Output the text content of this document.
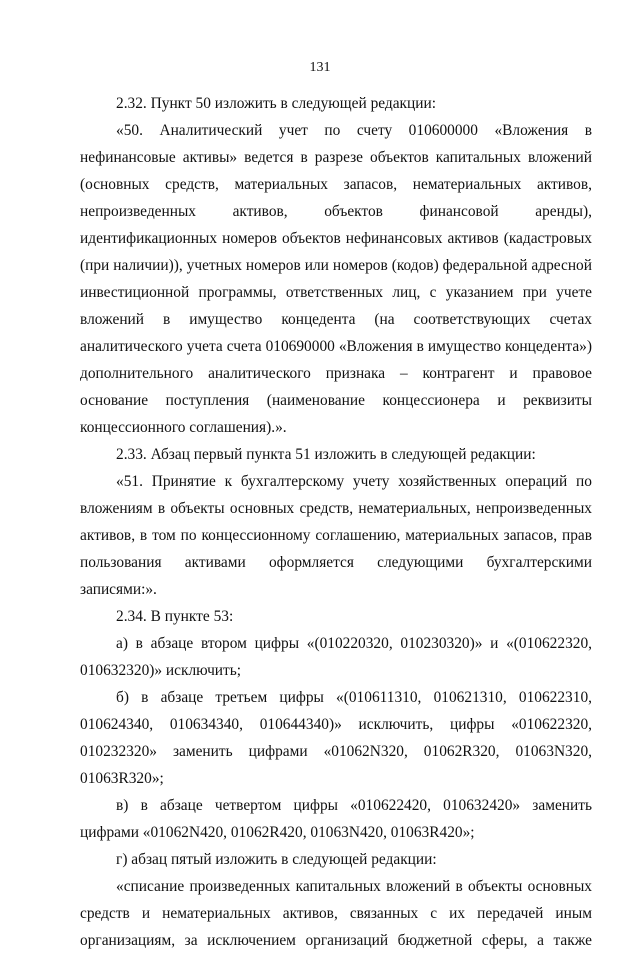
131

2.32. Пункт 50 изложить в следующей редакции:

«50. Аналитический учет по счету 010600000 «Вложения в нефинансовые активы» ведется в разрезе объектов капитальных вложений (основных средств, материальных запасов, нематериальных активов, непроизведенных активов, объектов финансовой аренды), идентификационных номеров объектов нефинансовых активов (кадастровых (при наличии)), учетных номеров или номеров (кодов) федеральной адресной инвестиционной программы, ответственных лиц, с указанием при учете вложений в имущество концедента (на соответствующих счетах аналитического учета счета 010690000 «Вложения в имущество концедента») дополнительного аналитического признака – контрагент и правовое основание поступления (наименование концессионера и реквизиты концессионного соглашения).».

2.33. Абзац первый пункта 51 изложить в следующей редакции:

«51. Принятие к бухгалтерскому учету хозяйственных операций по вложениям в объекты основных средств, нематериальных, непроизведенных активов, в том по концессионному соглашению, материальных запасов, прав пользования активами оформляется следующими бухгалтерскими записями:».

2.34. В пункте 53:

а) в абзаце втором цифры «(010220320, 010230320)» и «(010622320, 010632320)» исключить;

б) в абзаце третьем цифры «(010611310, 010621310, 010622310, 010624340, 010634340, 010644340)» исключить, цифры «010622320, 010232320» заменить цифрами «01062N320, 01062R320, 01063N320, 01063R320»;

в) в абзаце четвертом цифры «010622420, 010632420» заменить цифрами «01062N420, 01062R420, 01063N420, 01063R420»;

г) абзац пятый изложить в следующей редакции:

«списание произведенных капитальных вложений в объекты основных средств и нематериальных активов, связанных с их передачей иным организациям, за исключением организаций бюджетной сферы, а также
